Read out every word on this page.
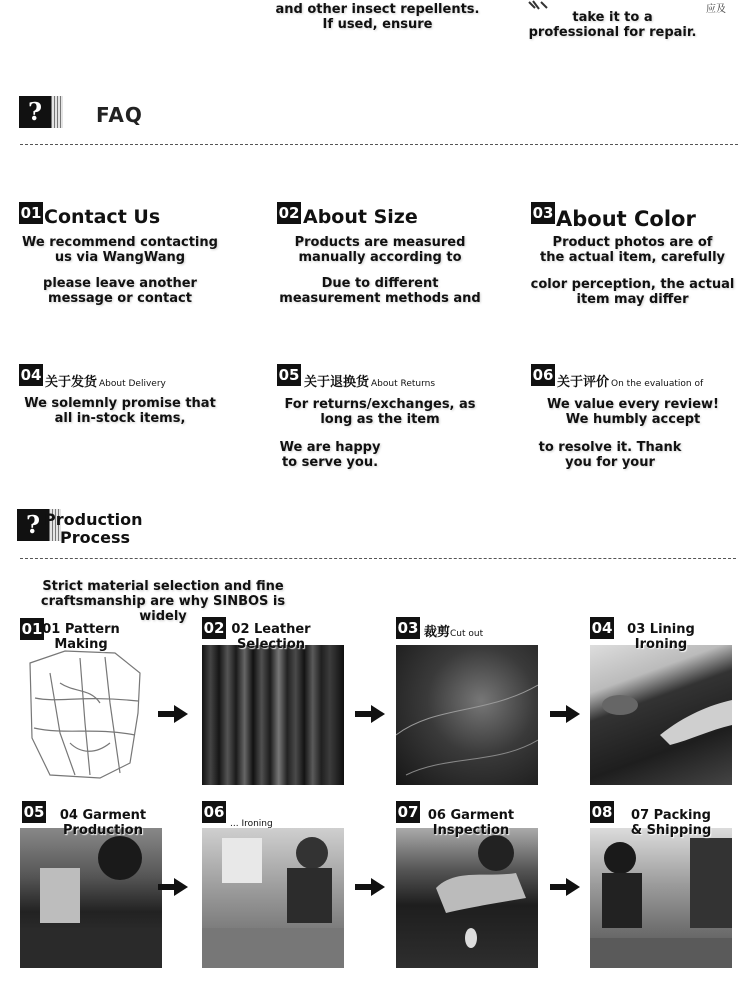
and other insect repellents.
If used, ensure	take it to a
professional for repair.
应及
?	FAQ
01 Contact Us
We recommend contacting
us via WangWang
please leave another
message or contact
02 About Size
Products are measured
manually according to
Due to different
measurement methods and
03 About Color
Product photos are of
the actual item, carefully
color perception, the actual
item may differ
04 关于发货 About Delivery
We solemnly promise that
all in-stock items,
05 关于退换货 About Returns
For returns/exchanges, as
long as the item
We are happy
to serve you.
06 关于评价 On the evaluation of
We value every review!
We humbly accept
to resolve it. Thank
you for your
? Production
Process
Strict material selection and fine
craftsmanship are why SINBOS is widely
01 01 Pattern
Making
02 02 Leather
Selection
03 裁剪Cut out	04	03 Lining
Ironing
05 04 Garment
Production
06
... Ironing
07 06 Garment
Inspection
08	07 Packing
& Shipping
